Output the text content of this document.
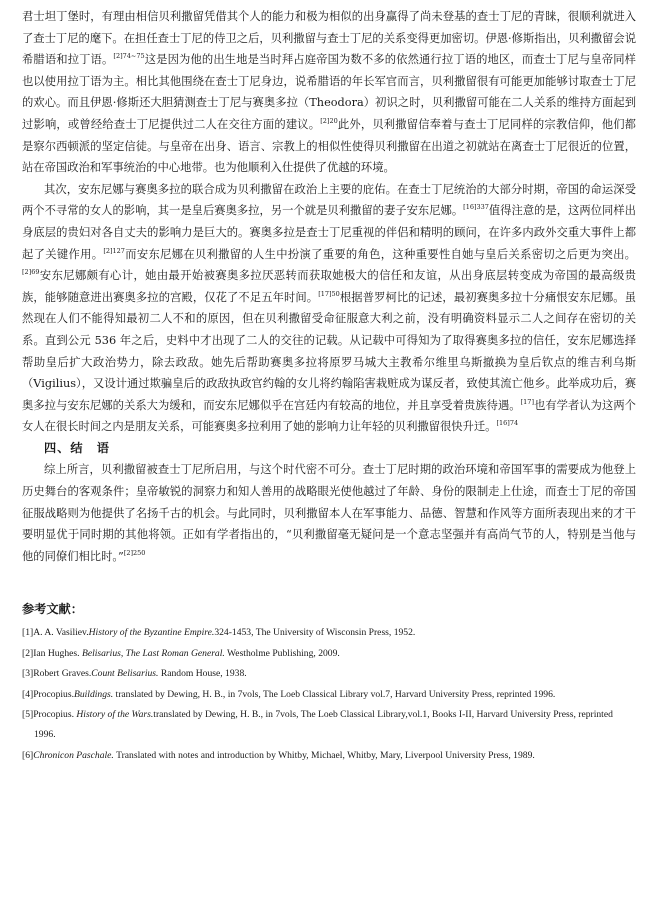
君士坦丁堡时，有理由相信贝利撒留凭借其个人的能力和极为相似的出身赢得了尚未登基的查士丁尼的青睐，很顺利就进入了查士丁尼的麾下。在担任查士丁尼的侍卫之后，贝利撒留与查士丁尼的关系变得更加密切。伊恩·修斯指出，贝利撒留会说希腊语和拉丁语。$^{[2]74\sim 75}$这是因为他的出生地是当时拜占庭帝国为数不多的依然通行拉丁语的地区，而查士丁尼与皇帝同样也以使用拉丁语为主。相比其他围绕在查士丁尼身边，说希腊语的年长军官而言，贝利撒留很有可能更加能够讨取查士丁尼的欢心。而且伊恩·修斯还大胆猜测查士丁尼与赛奥多拉（Theodora）初识之时，贝利撒留可能在二人关系的维持方面起到过影响，或曾经给查士丁尼提供过二人在交往方面的建议。$^{[2]20}$此外，贝利撒留信奉着与查士丁尼同样的宗教信仰，他们都是察尔西顿派的坚定信徒。与皇帝在出身、语言、宗教上的相似性使得贝利撒留在出道之初就站在离查士丁尼很近的位置，站在帝国政治和军事统治的中心地带。也为他顺利入仕提供了优越的环境。

其次，安东尼娜与赛奥多拉的联合成为贝利撒留在政治上主要的庇佑。在查士丁尼统治的大部分时期，帝国的命运深受两个不寻常的女人的影响，其一是皇后赛奥多拉，另一个就是贝利撒留的妻子安东尼娜。$^{[16]337}$值得注意的是，这两位同样出身底层的贵妇对各自丈夫的影响力是巨大的。赛奥多拉是查士丁尼重视的伴侣和精明的顾问，在许多内政外交重大事件上都起了关键作用。$^{[2]127}$而安东尼娜在贝利撒留的人生中扮演了重要的角色，这种重要性自她与皇后关系密切之后更为突出。$^{[2]69}$安东尼娜颇有心计，她由最开始被赛奥多拉厌恶转而获取她极大的信任和友谊，从出身底层转变成为帝国的最高级贵族，能够随意进出赛奥多拉的宫殿，仅花了不足五年时间。$^{[17]50}$根据普罗柯比的记述，最初赛奥多拉十分痛恨安东尼娜。虽然现在人们不能得知最初二人不和的原因，但在贝利撒留受命征服意大利之前，没有明确资料显示二人之间存在密切的关系。直到公元 536 年之后，史料中才出现了二人的交往的记载。从记载中可得知为了取得赛奥多拉的信任，安东尼娜选择帮助皇后扩大政治势力，除去政敌。她先后帮助赛奥多拉将原罗马城大主教希尔维里乌斯撤换为皇后钦点的维吉利乌斯（Vigilius），又设计通过欺骗皇后的政敌执政官约翰的女儿将约翰陷害栽赃成为谋反者，致使其流亡他乡。此举成功后，赛奥多拉与安东尼娜的关系大为缓和，而安东尼娜似乎在宫廷内有较高的地位，并且享受着贵族待遇。[17]也有学者认为这两个女人在很长时间之内是朋友关系，可能赛奥多拉利用了她的影响力让年轻的贝利撒留很快升迁。$^{[16]74}$

四、结　语

综上所言，贝利撒留被查士丁尼所启用，与这个时代密不可分。查士丁尼时期的政治环境和帝国军事的需要成为他登上历史舞台的客观条件；皇帝敏锐的洞察力和知人善用的战略眼光使他越过了年龄、身份的限制走上仕途，而查士丁尼的帝国征服战略则为他提供了名扬千古的机会。与此同时，贝利撒留本人在军事能力、品德、智慧和作风等方面所表现出来的才干要明显优于同时期的其他将领。正如有学者指出的，“贝利撒留毫无疑问是一个意志坚强并有高尚气节的人，特别是当他与他的同僚们相比时。”$^{[2]250}$

参考文献：

[1]A. A. Vasiliev.History of the Byzantine Empire.324-1453, The University of Wisconsin Press, 1952.

[2]Ian Hughes. Belisarius, The Last Roman General. Westholme Publishing, 2009.

[3]Robert Graves.Count Belisarius. Random House, 1938.

[4]Procopius.Buildings. translated by Dewing, H. B., in 7vols, The Loeb Classical Library vol.7, Harvard University Press, reprinted 1996.

[5]Procopius. History of the Wars.translated by Dewing, H. B., in 7vols, The Loeb Classical Library,vol.1, Books I-II, Harvard University Press, reprinted 1996.

[6]Chronicon Paschale. Translated with notes and introduction by Whitby, Michael, Whitby, Mary, Liverpool University Press, 1989.
